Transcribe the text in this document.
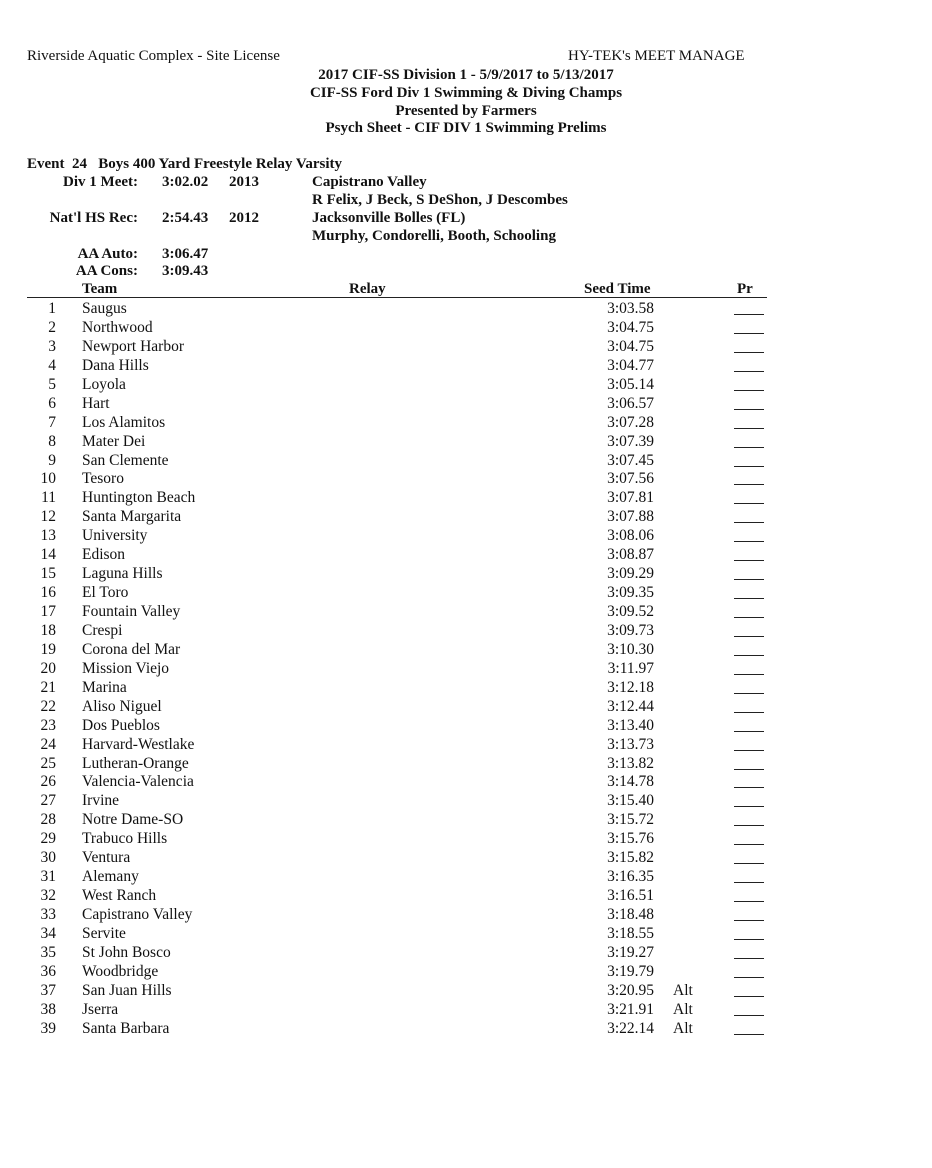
Riverside Aquatic Complex - Site License	HY-TEK's MEET MANAGE
2017 CIF-SS Division 1 - 5/9/2017 to 5/13/2017
CIF-SS Ford Div 1 Swimming & Diving Champs
Presented by Farmers
Psych Sheet - CIF DIV 1 Swimming Prelims
Event  24   Boys 400 Yard Freestyle Relay Varsity
Div 1 Meet: 3:02.02 2013	Capistrano Valley
R Felix, J Beck, S DeShon, J Descombes
Nat'l HS Rec: 2:54.43 2012	Jacksonville Bolles (FL)
Murphy, Condorelli, Booth, Schooling
AA Auto: 3:06.47
AA Cons: 3:09.43
Team	Relay	Seed Time	Pr
1 Saugus	3:03.58
2 Northwood	3:04.75
3 Newport Harbor	3:04.75
4 Dana Hills	3:04.77
5 Loyola	3:05.14
6 Hart	3:06.57
7 Los Alamitos	3:07.28
8 Mater Dei	3:07.39
9 San Clemente	3:07.45
10 Tesoro	3:07.56
11 Huntington Beach	3:07.81
12 Santa Margarita	3:07.88
13 University	3:08.06
14 Edison	3:08.87
15 Laguna Hills	3:09.29
16 El Toro	3:09.35
17 Fountain Valley	3:09.52
18 Crespi	3:09.73
19 Corona del Mar	3:10.30
20 Mission Viejo	3:11.97
21 Marina	3:12.18
22 Aliso Niguel	3:12.44
23 Dos Pueblos	3:13.40
24 Harvard-Westlake	3:13.73
25 Lutheran-Orange	3:13.82
26 Valencia-Valencia	3:14.78
27 Irvine	3:15.40
28 Notre Dame-SO	3:15.72
29 Trabuco Hills	3:15.76
30 Ventura	3:15.82
31 Alemany	3:16.35
32 West Ranch	3:16.51
33 Capistrano Valley	3:18.48
34 Servite	3:18.55
35 St John Bosco	3:19.27
36 Woodbridge	3:19.79
37 San Juan Hills	3:20.95 Alt
38 Jserra	3:21.91 Alt
39 Santa Barbara	3:22.14 Alt
